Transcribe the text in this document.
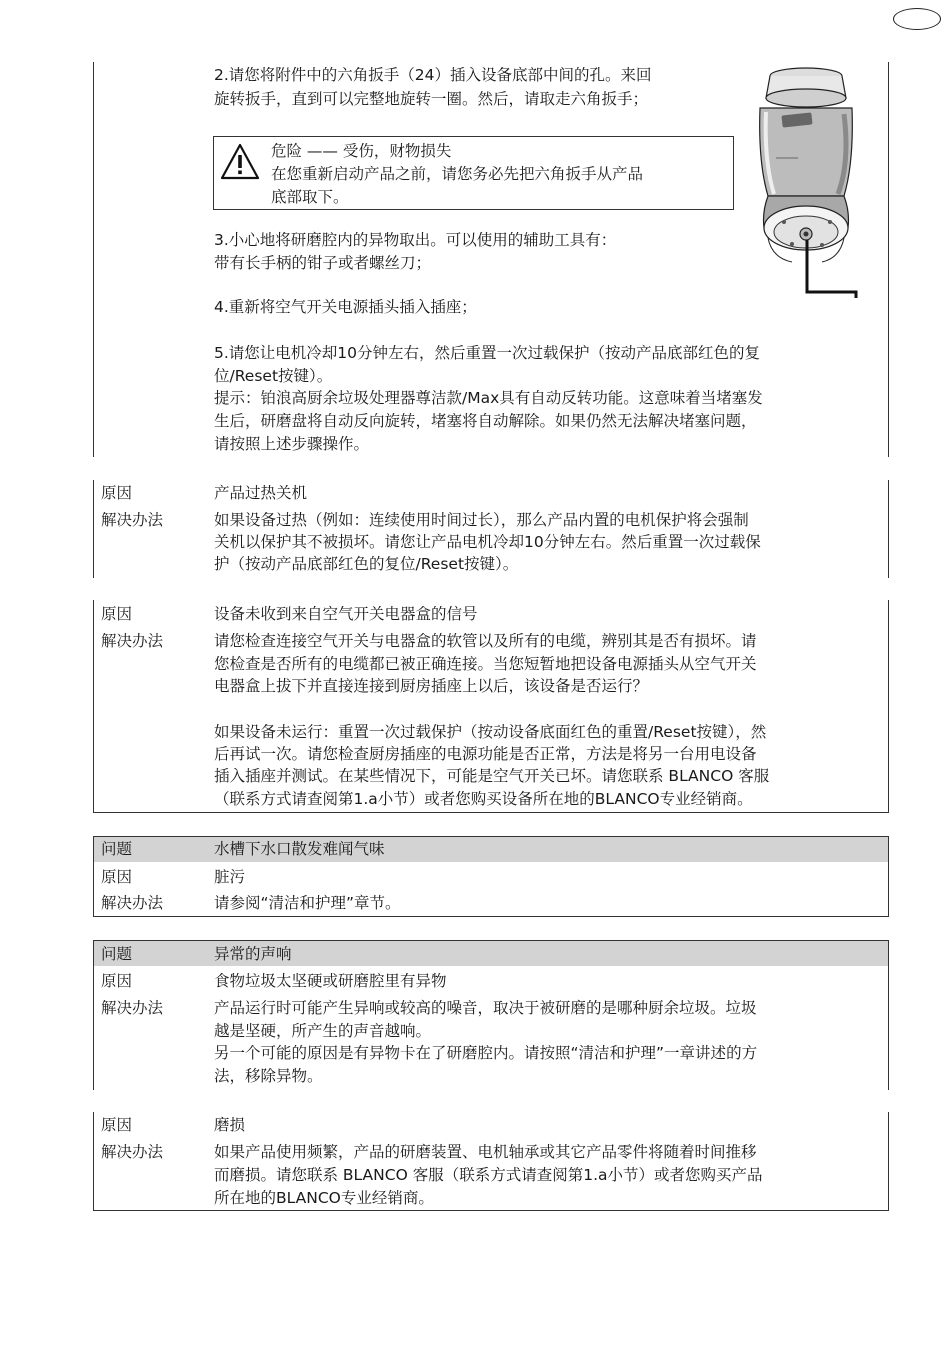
2.请您将附件中的六角扳手（24）插入设备底部中间的孔。来回
旋转扳手，直到可以完整地旋转一圈。然后，请取走六角扳手；
危险 —— 受伤，财物损失
在您重新启动产品之前，请您务必先把六角扳手从产品
底部取下。
3.小心地将研磨腔内的异物取出。可以使用的辅助工具有：
带有长手柄的钳子或者螺丝刀；
4.重新将空气开关电源插头插入插座；
5.请您让电机冷却10分钟左右，然后重置一次过载保护（按动产品底部红色的复
位/Reset按键）。
提示：铂浪高厨余垃圾处理器尊洁款/Max具有自动反转功能。这意味着当堵塞发
生后，研磨盘将自动反向旋转，堵塞将自动解除。如果仍然无法解决堵塞问题，
请按照上述步骤操作。
原因	产品过热关机
解决办法	如果设备过热（例如：连续使用时间过长），那么产品内置的电机保护将会强制
关机以保护其不被损坏。请您让产品电机冷却10分钟左右。然后重置一次过载保
护（按动产品底部红色的复位/Reset按键）。
原因	设备未收到来自空气开关电器盒的信号
解决办法	请您检查连接空气开关与电器盒的软管以及所有的电缆，辨别其是否有损坏。请
您检查是否所有的电缆都已被正确连接。当您短暂地把设备电源插头从空气开关
电器盒上拔下并直接连接到厨房插座上以后，该设备是否运行？
如果设备未运行：重置一次过载保护（按动设备底面红色的重置/Reset按键），然
后再试一次。请您检查厨房插座的电源功能是否正常，方法是将另一台用电设备
插入插座并测试。在某些情况下，可能是空气开关已坏。请您联系 BLANCO 客服
（联系方式请查阅第1.a小节）或者您购买设备所在地的BLANCO专业经销商。
问题	水槽下水口散发难闻气味
原因	脏污
解决办法	请参阅“清洁和护理”章节。
问题	异常的声响
原因	食物垃圾太坚硬或研磨腔里有异物
解决办法	产品运行时可能产生异响或较高的噪音，取决于被研磨的是哪种厨余垃圾。垃圾
越是坚硬，所产生的声音越响。
另一个可能的原因是有异物卡在了研磨腔内。请按照“清洁和护理”一章讲述的方
法，移除异物。
原因	磨损
解决办法	如果产品使用频繁，产品的研磨装置、电机轴承或其它产品零件将随着时间推移
而磨损。请您联系 BLANCO 客服（联系方式请查阅第1.a小节）或者您购买产品
所在地的BLANCO专业经销商。
